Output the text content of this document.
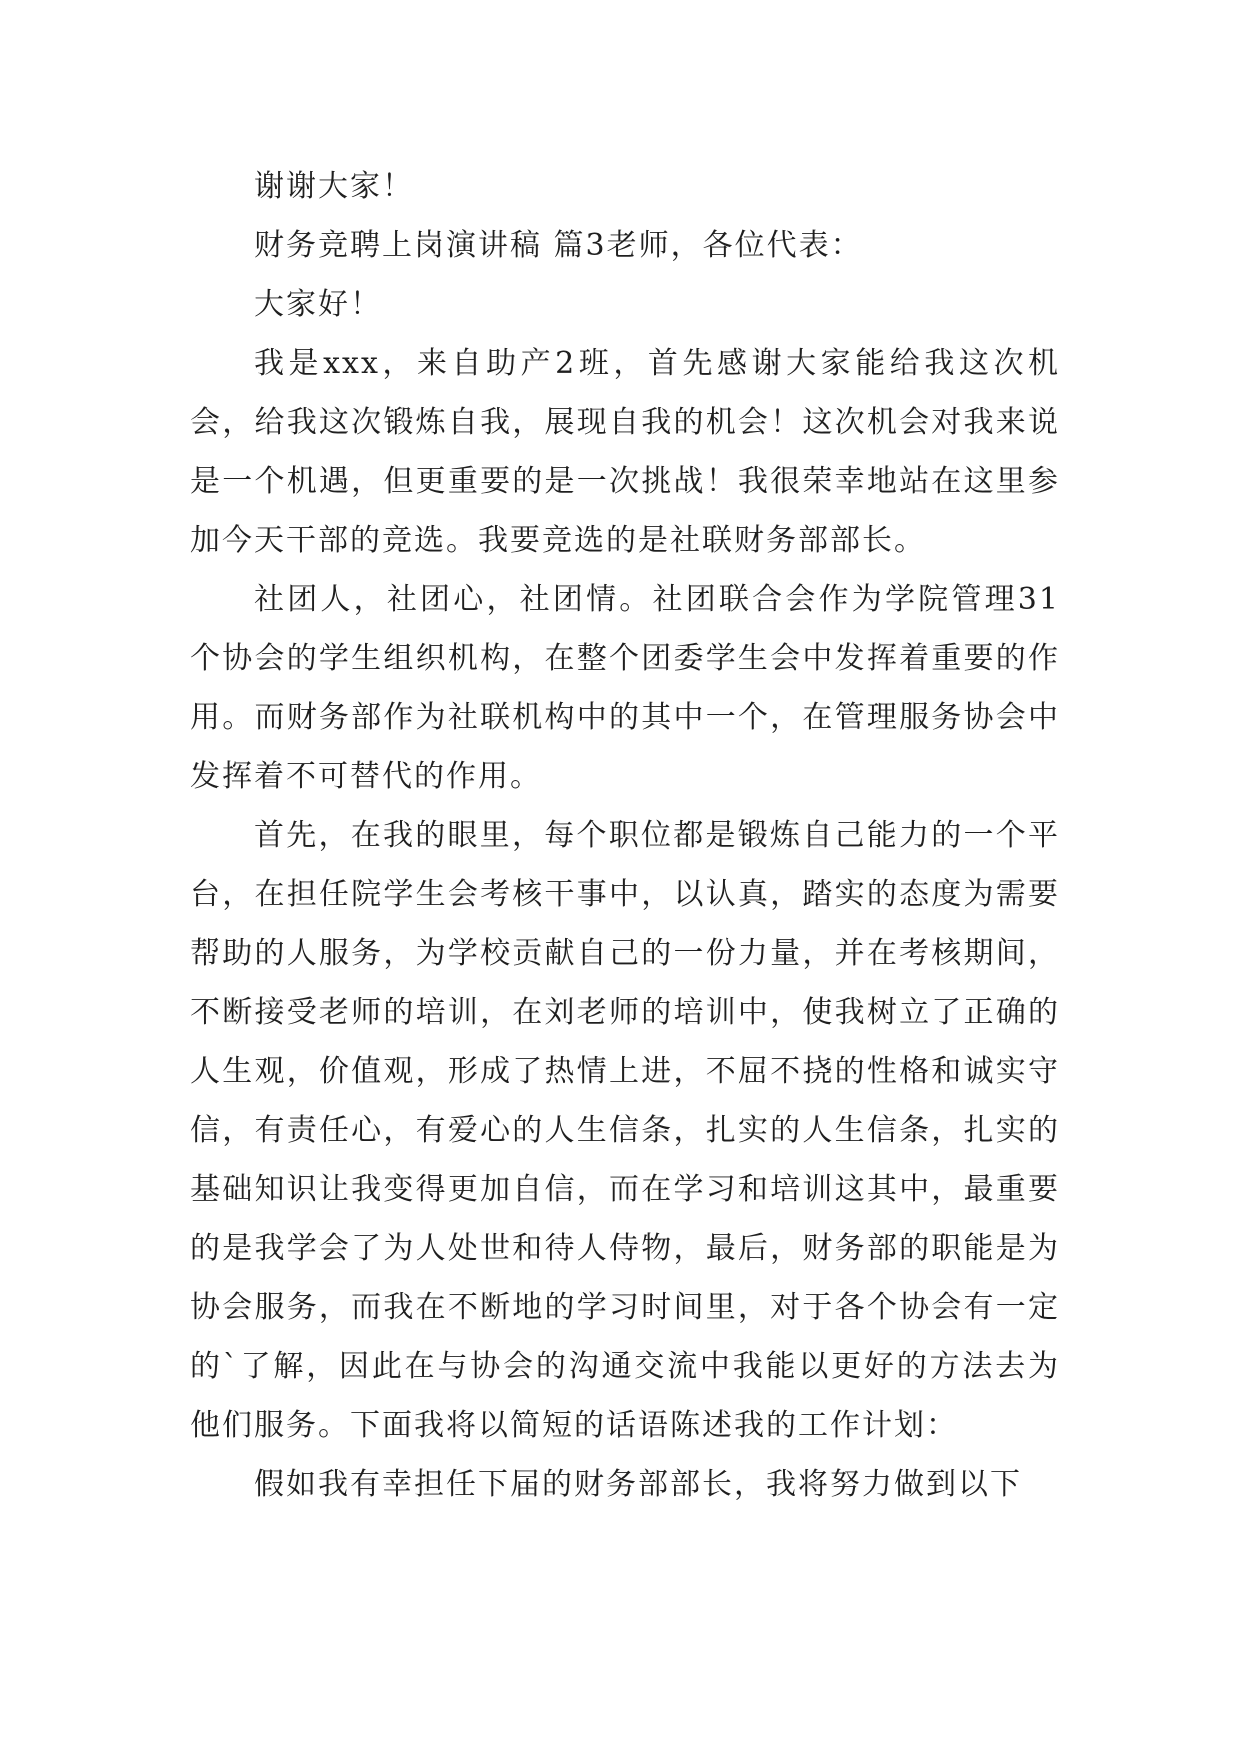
谢谢大家！

财务竞聘上岗演讲稿 篇3老师，各位代表：

大家好！

我是xxx，来自助产2班，首先感谢大家能给我这次机会，给我这次锻炼自我，展现自我的机会！这次机会对我来说是一个机遇，但更重要的是一次挑战！我很荣幸地站在这里参加今天干部的竞选。我要竞选的是社联财务部部长。

社团人，社团心，社团情。社团联合会作为学院管理31个协会的学生组织机构，在整个团委学生会中发挥着重要的作用。而财务部作为社联机构中的其中一个，在管理服务协会中发挥着不可替代的作用。

首先，在我的眼里，每个职位都是锻炼自己能力的一个平台，在担任院学生会考核干事中，以认真，踏实的态度为需要帮助的人服务，为学校贡献自己的一份力量，并在考核期间，不断接受老师的培训，在刘老师的培训中，使我树立了正确的人生观，价值观，形成了热情上进，不屈不挠的性格和诚实守信，有责任心，有爱心的人生信条，扎实的人生信条，扎实的基础知识让我变得更加自信，而在学习和培训这其中，最重要的是我学会了为人处世和待人侍物，最后，财务部的职能是为协会服务，而我在不断地的学习时间里，对于各个协会有一定的`了解，因此在与协会的沟通交流中我能以更好的方法去为他们服务。下面我将以简短的话语陈述我的工作计划：

假如我有幸担任下届的财务部部长，我将努力做到以下
